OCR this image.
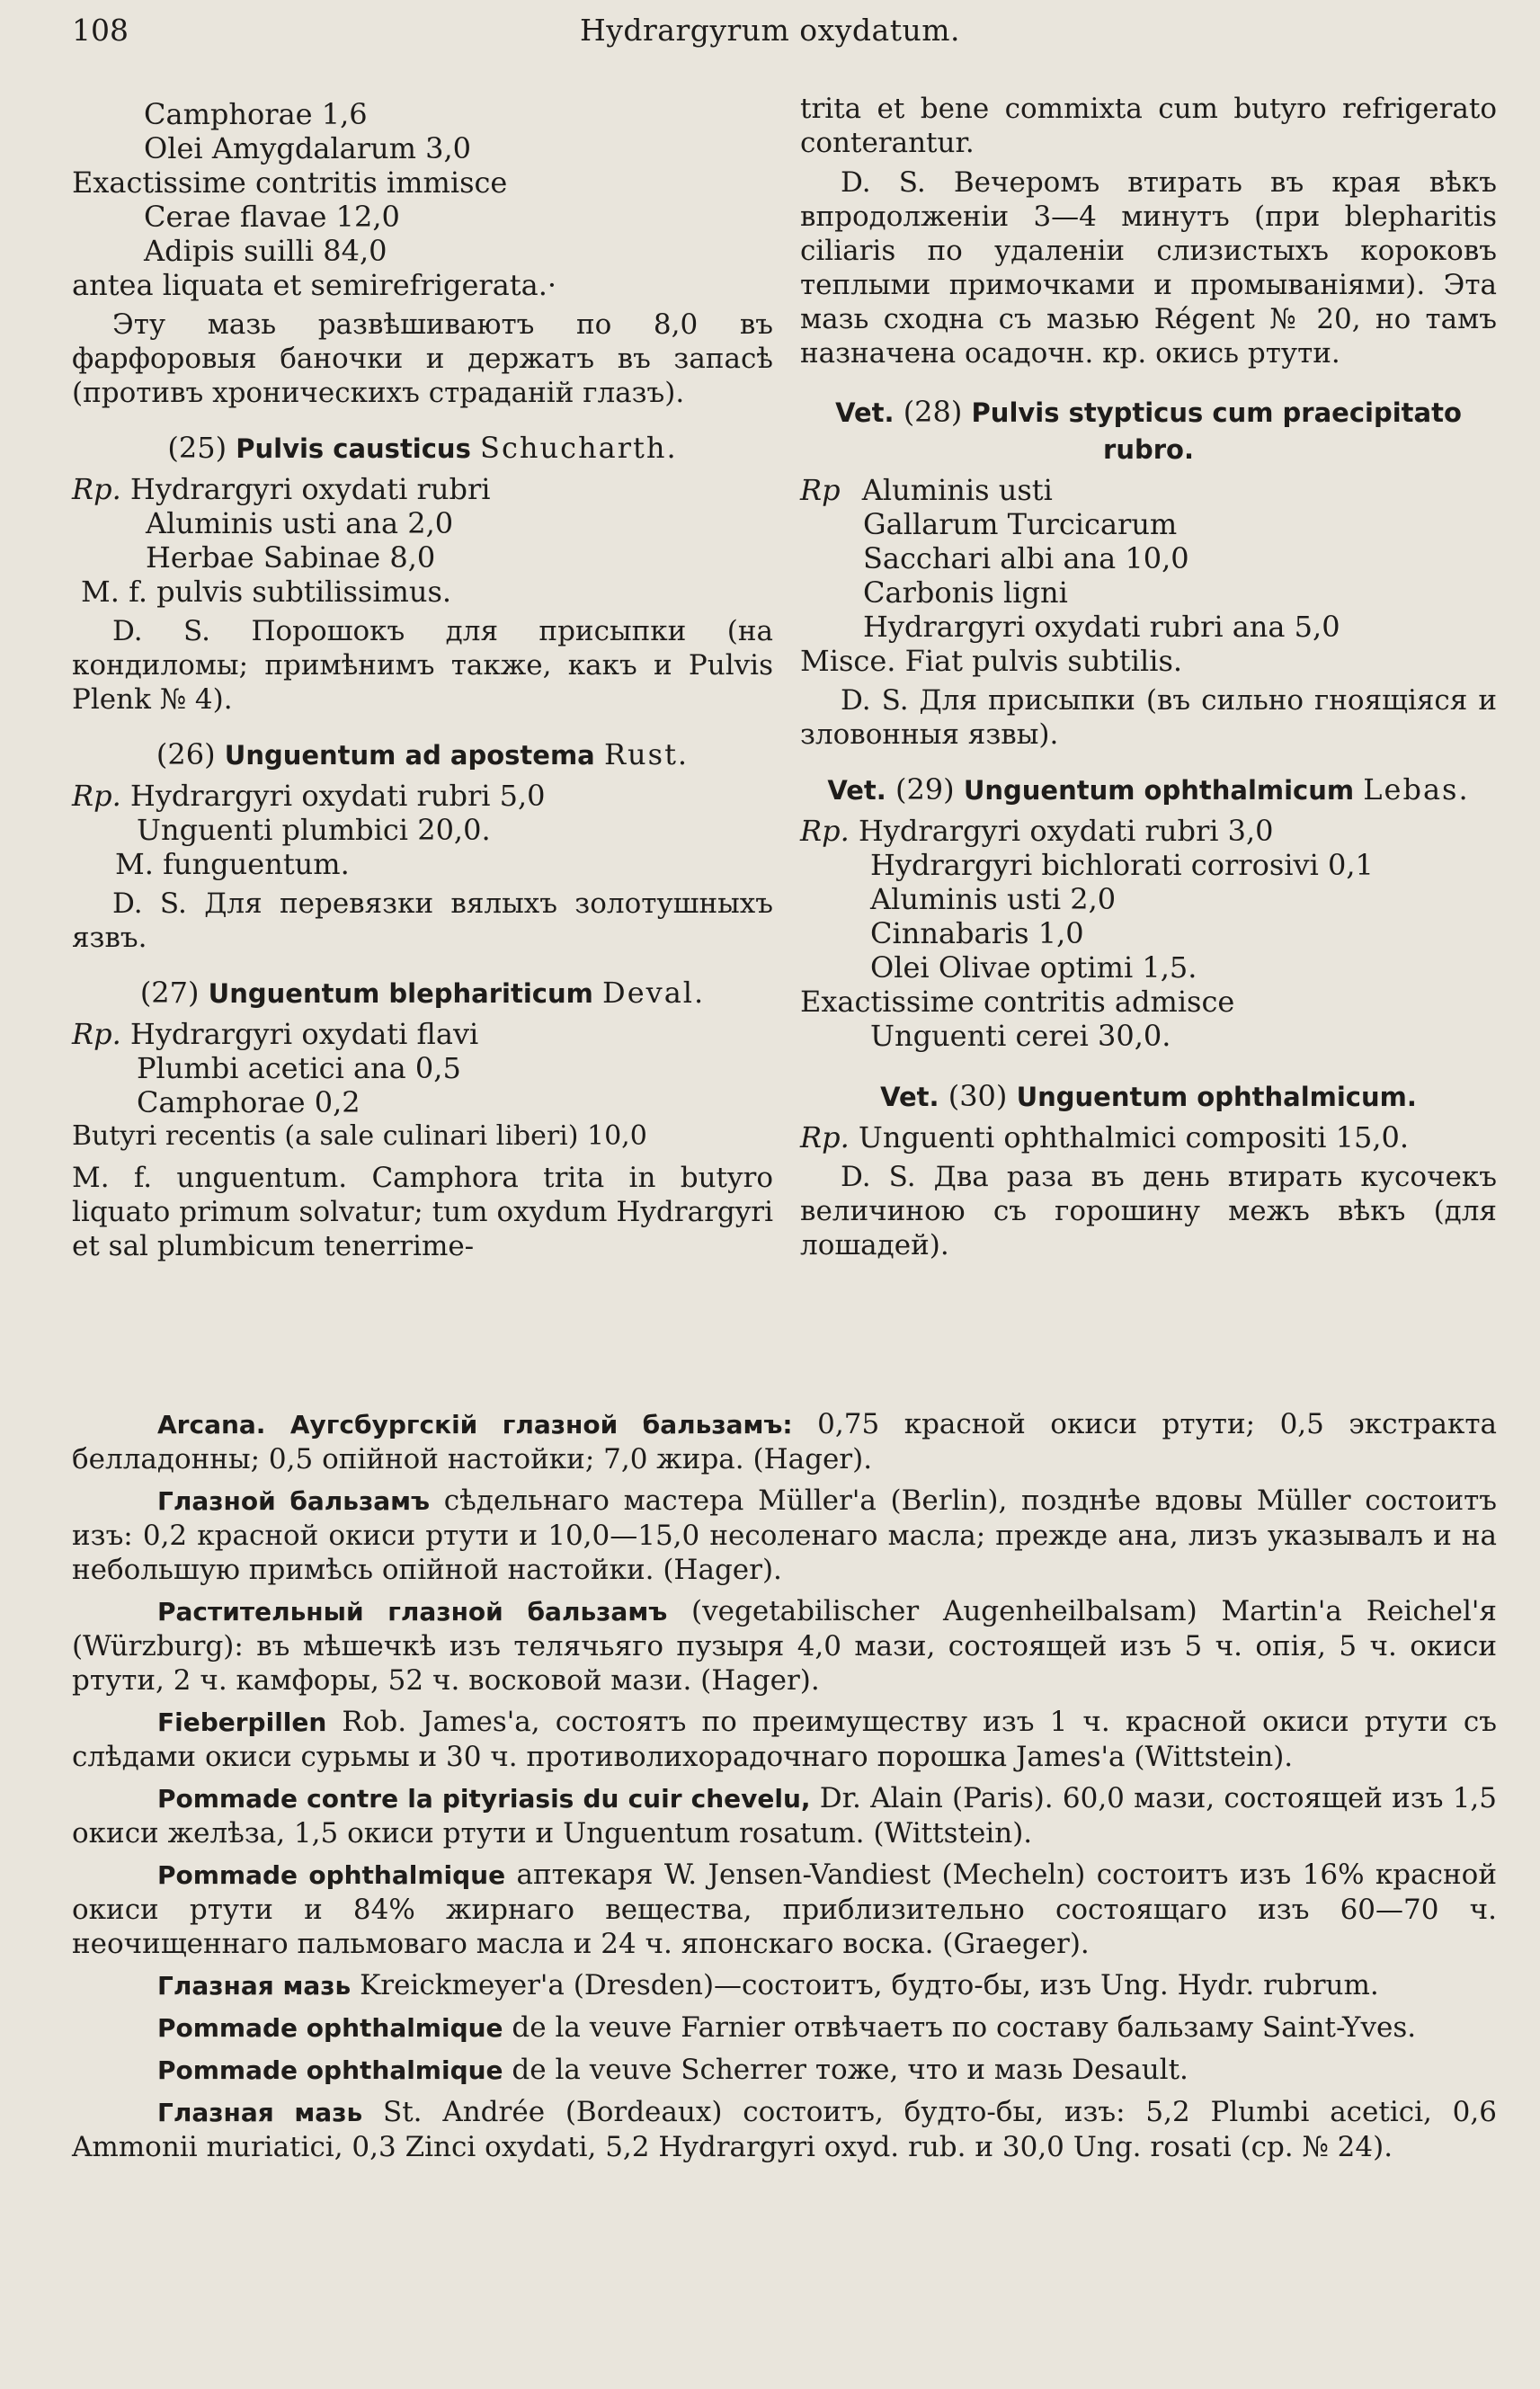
108	Hydrargyrum oxydatum.
Camphorae 1,6
Olei Amygdalarum 3,0
Exactissime contritis immisce
Cerae flavae 12,0
Adipis suilli 84,0
antea liquata et semirefrigerata.·

Эту мазь развѣшиваютъ по 8,0 въ фарфоровыя баночки и держатъ въ запасѣ (противъ хроническихъ страданій глазъ).

(25) Pulvis causticus Schucharth.
Rp. Hydrargyri oxydati rubri
Aluminis usti ana 2,0
Herbae Sabinae 8,0
M. f. pulvis subtilissimus.

D. S. Порошокъ для присыпки (на кондиломы; примѣнимъ также, какъ и Pulvis Plenk № 4).

(26) Unguentum ad apostema Rust.
Rp. Hydrargyri oxydati rubri 5,0
Unguenti plumbici 20,0.
M. funguentum.

D. S. Для перевязки вялыхъ золотушныхъ язвъ.

(27) Unguentum blephariticum Deval.
Rp. Hydrargyri oxydati flavi
Plumbi acetici ana 0,5
Camphorae 0,2
Butyri recentis (a sale culinari liberi) 10,0

M. f. unguentum. Camphora trita in butyro liquato primum solvatur; tum oxydum Hydrargyri et sal plumbicum tenerrime-

trita et bene commixta cum butyro refrigerato conterantur.

D. S. Вечеромъ втирать въ края вѣкъ впродолженіи 3—4 минутъ (при blepharitis ciliaris по удаленіи слизистыхъ короковъ теплыми примочками и промываніями). Эта мазь сходна съ мазью Régent № 20, но тамъ назначена осадочн. кр. окись ртути.

Vet. (28) Pulvis stypticus cum praecipitato rubro.
Rp Aluminis usti
Gallarum Turcicarum
Sacchari albi ana 10,0
Carbonis ligni
Hydrargyri oxydati rubri ana 5,0
Misce. Fiat pulvis subtilis.

D. S. Для присыпки (въ сильно гноящіяся и зловонныя язвы).

Vet. (29) Unguentum ophthalmicum Lebas.
Rp. Hydrargyri oxydati rubri 3,0
Hydrargyri bichlorati corrosivi 0,1
Aluminis usti 2,0
Cinnabaris 1,0
Olei Olivae optimi 1,5.
Exactissime contritis admisce
Unguenti cerei 30,0.
Vet. (30) Unguentum ophthalmicum.
Rp. Unguenti ophthalmici compositi 15,0.

D. S. Два раза въ день втирать кусочекъ величиною съ горошину межъ вѣкъ (для лошадей).

Arcana. Аугсбургскій глазной бальзамъ: 0,75 красной окиси ртути; 0,5 экстракта белладонны; 0,5 опійной настойки; 7,0 жира. (Hager).

Глазной бальзамъ сѣдельнаго мастера Müller'a (Berlin), позднѣе вдовы Müller состоитъ изъ: 0,2 красной окиси ртути и 10,0—15,0 несоленаго масла; прежде ана, лизъ указывалъ и на небольшую примѣсь опійной настойки. (Hager).

Растительный глазной бальзамъ (vegetabilischer Augenheilbalsam) Martin'a Reichel'я (Würzburg): въ мѣшечкѣ изъ телячьяго пузыря 4,0 мази, состоящей изъ 5 ч. опія, 5 ч. окиси ртути, 2 ч. камфоры, 52 ч. восковой мази. (Hager).

Fieberpillen Rob. James'a, состоятъ по преимуществу изъ 1 ч. красной окиси ртути съ слѣдами окиси сурьмы и 30 ч. противолихорадочнаго порошка James'a (Wittstein).

Pommade contre la pityriasis du cuir chevelu, Dr. Alain (Paris). 60,0 мази, состоящей изъ 1,5 окиси желѣза, 1,5 окиси ртути и Unguentum rosatum. (Wittstein).

Pommade ophthalmique аптекаря W. Jensen-Vandiest (Mecheln) состоитъ изъ 16% красной окиси ртути и 84% жирнаго вещества, приблизительно состоящаго изъ 60—70 ч. неочищеннаго пальмоваго масла и 24 ч. японскаго воска. (Graeger).

Глазная мазь Kreickmeyer'a (Dresden)—состоитъ, будто-бы, изъ Ung. Hydr. rubrum.

Pommade ophthalmique de la veuve Farnier отвѣчаетъ по составу бальзаму Saint-Yves.

Pommade ophthalmique de la veuve Scherrer тоже, что и мазь Desault.

Глазная мазь St. Andrée (Bordeaux) состоитъ, будто-бы, изъ: 5,2 Plumbi acetici, 0,6 Ammonii muriatici, 0,3 Zinci oxydati, 5,2 Hydrargyri oxyd. rub. и 30,0 Ung. rosati (ср. № 24).
